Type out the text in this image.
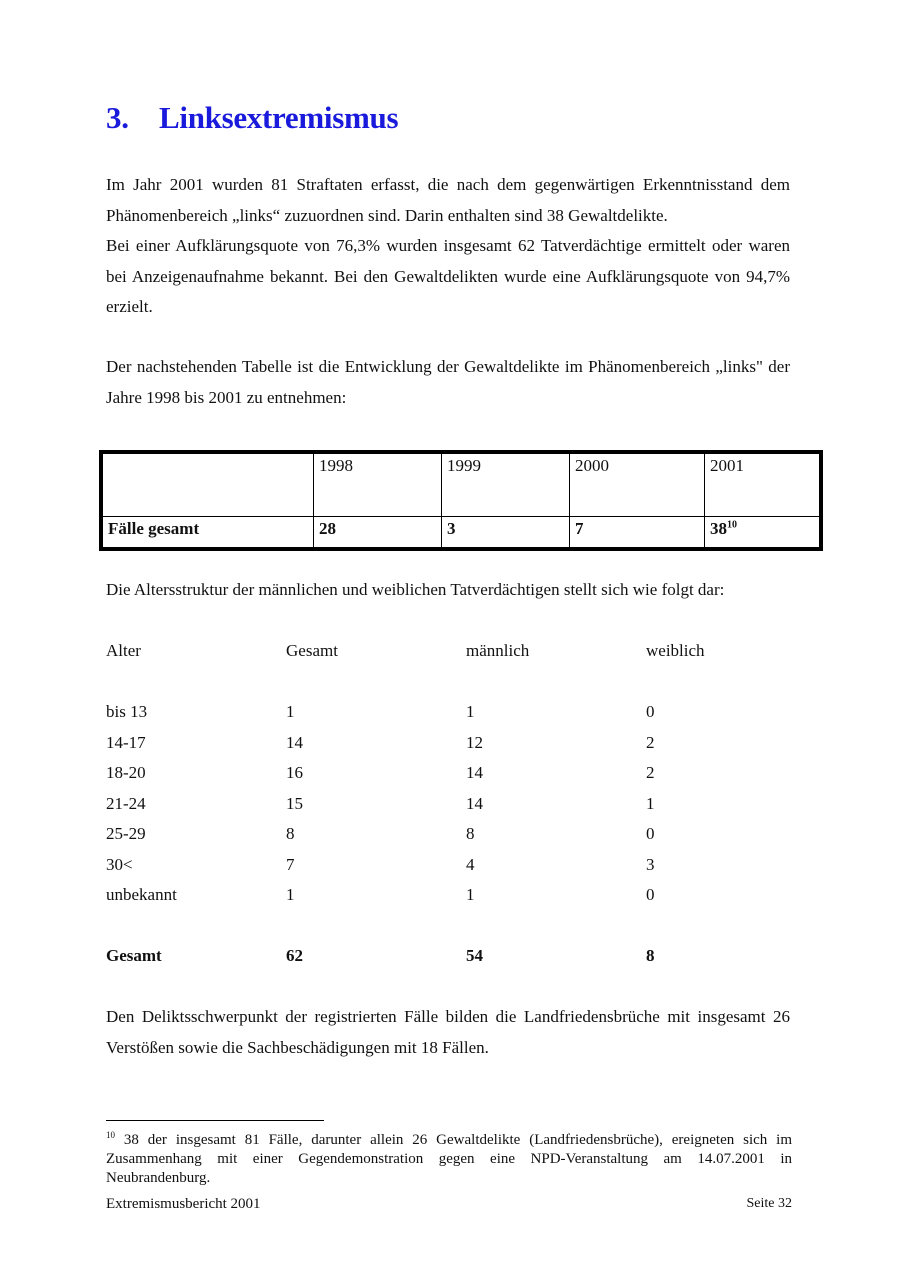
3. Linksextremismus
Im Jahr 2001 wurden 81 Straftaten erfasst, die nach dem gegenwärtigen Erkenntnisstand dem Phänomenbereich „links“ zuzuordnen sind. Darin enthalten sind 38 Gewaltdelikte.
Bei einer Aufklärungsquote von 76,3% wurden insgesamt 62 Tatverdächtige ermittelt oder waren bei Anzeigenaufnahme bekannt. Bei den Gewaltdelikten wurde eine Aufklärungsquote von 94,7% erzielt.

Der nachstehenden Tabelle ist die Entwicklung der Gewaltdelikte im Phänomenbereich „links" der Jahre 1998 bis 2001 zu entnehmen:

	1998	1999	2000	2001
Fälle gesamt	28	3	7	$38^{10}$

Die Altersstruktur der männlichen und weiblichen Tatverdächtigen stellt sich wie folgt dar:

Alter	Gesamt	männlich	weiblich
bis 13	1	1	0
14-17	14	12	2
18-20	16	14	2
21-24	15	14	1
25-29	8	8	0
30<	7	4	3
unbekannt	1	1	0
Gesamt	62	54	8

Den Deliktsschwerpunkt der registrierten Fälle bilden die Landfriedensbrüche mit insgesamt 26 Verstößen sowie die Sachbeschädigungen mit 18 Fällen.

$^{10}$ 38 der insgesamt 81 Fälle, darunter allein 26 Gewaltdelikte (Landfriedensbrüche), ereigneten sich im Zusammenhang mit einer Gegendemonstration gegen eine NPD-Veranstaltung am 14.07.2001 in Neubrandenburg.

Extremismusbericht 2001	Seite 32
